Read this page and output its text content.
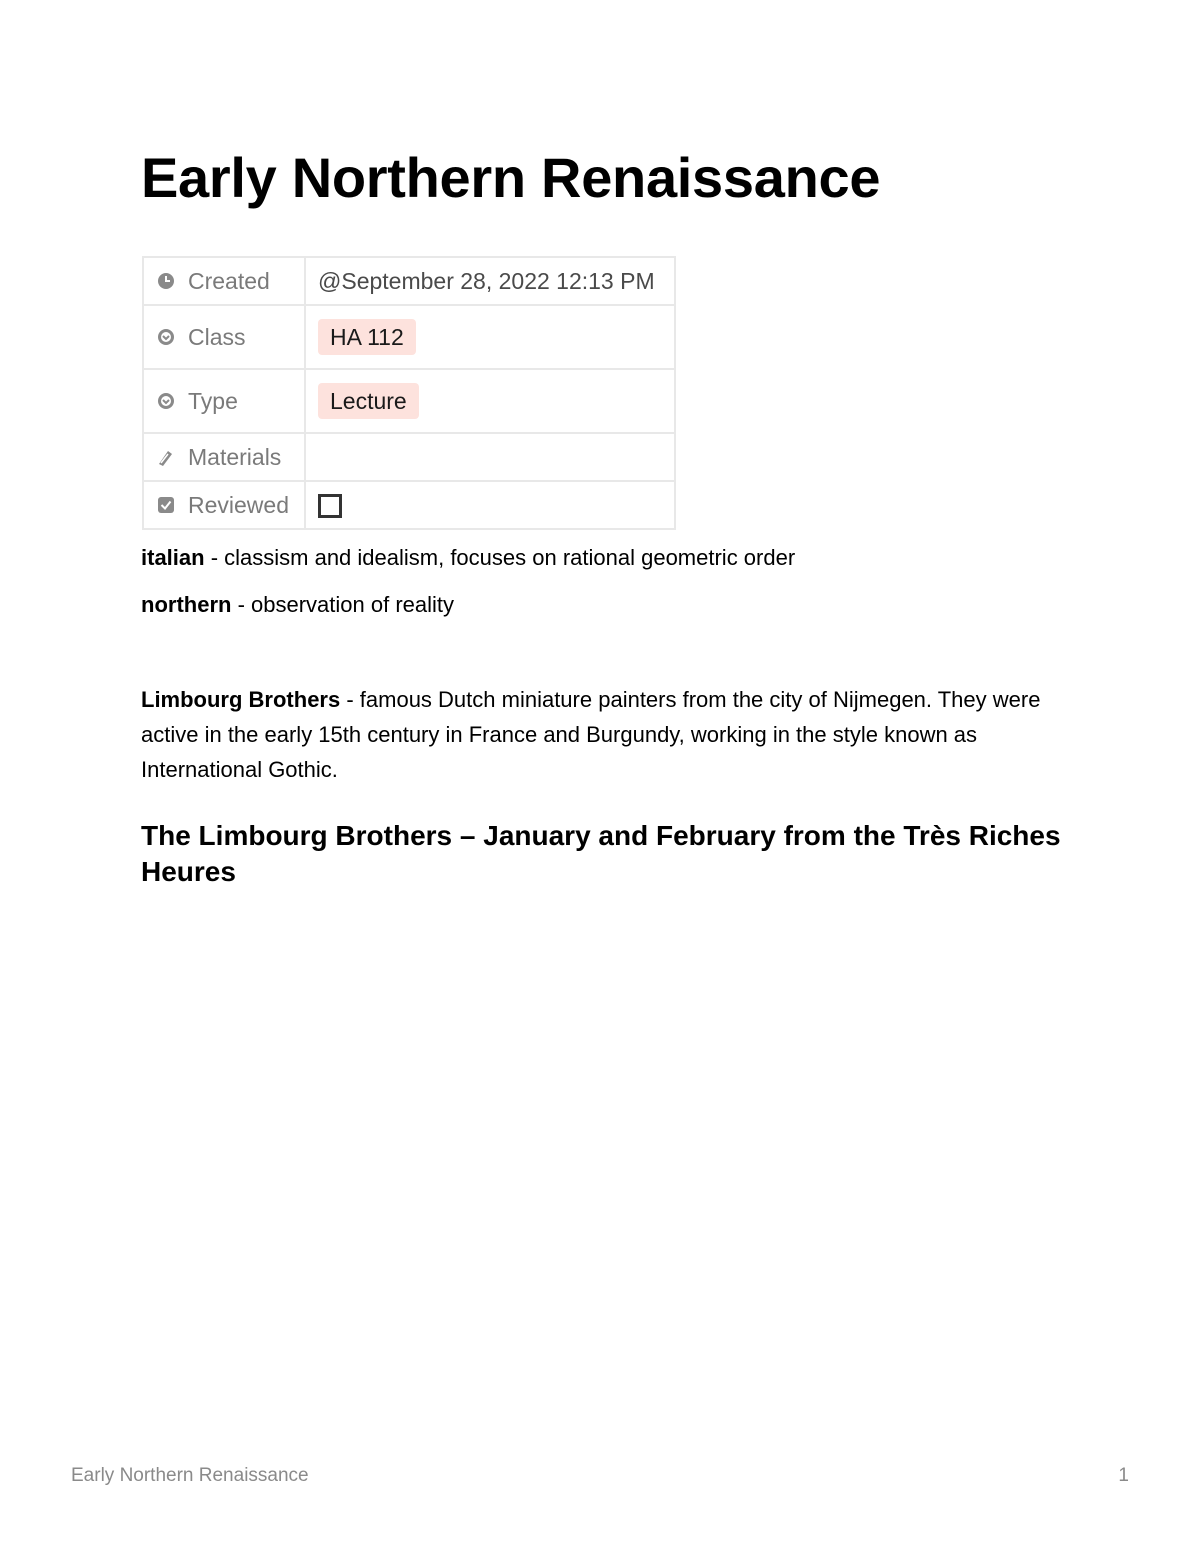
Early Northern Renaissance
Created	@September 28, 2022 12:13 PM

Class	HA 112

Type	Lecture

Materials	

Reviewed	

italian - classism and idealism, focuses on rational geometric order

northern - observation of reality

Limbourg Brothers - famous Dutch miniature painters from the city of Nijmegen. They were active in the early 15th century in France and Burgundy, working in the style known as International Gothic.

The Limbourg Brothers – January and February from the Très Riches Heures
Early Northern Renaissance	1
